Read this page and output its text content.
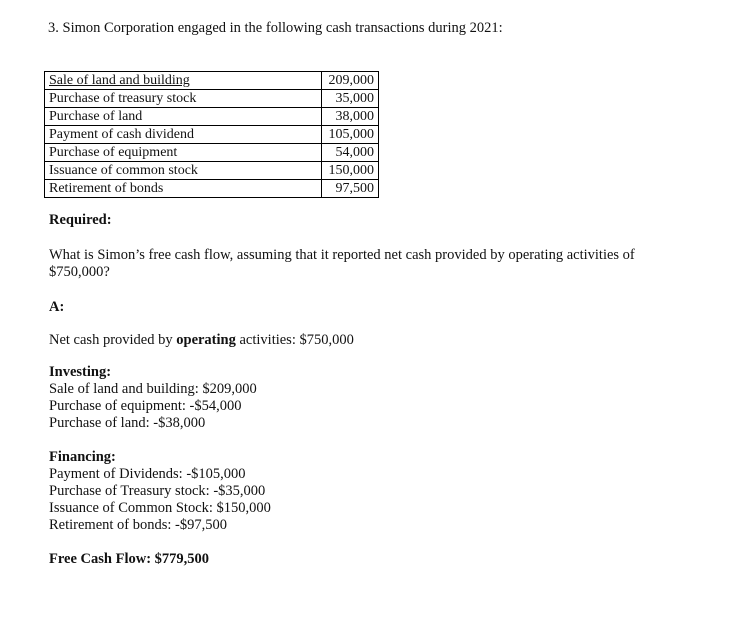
3. Simon Corporation engaged in the following cash transactions during 2021:
Sale of land and building	209,000
Purchase of treasury stock	35,000
Purchase of land	38,000
Payment of cash dividend	105,000
Purchase of equipment	54,000
Issuance of common stock	150,000
Retirement of bonds	97,500
Required:
What is Simon’s free cash flow, assuming that it reported net cash provided by operating activities of $750,000?
A:
Net cash provided by operating activities: $750,000
Investing:
Sale of land and building: $209,000
Purchase of equipment: -$54,000
Purchase of land: -$38,000
Financing:
Payment of Dividends: -$105,000
Purchase of Treasury stock: -$35,000
Issuance of Common Stock: $150,000
Retirement of bonds: -$97,500
Free Cash Flow: $779,500
